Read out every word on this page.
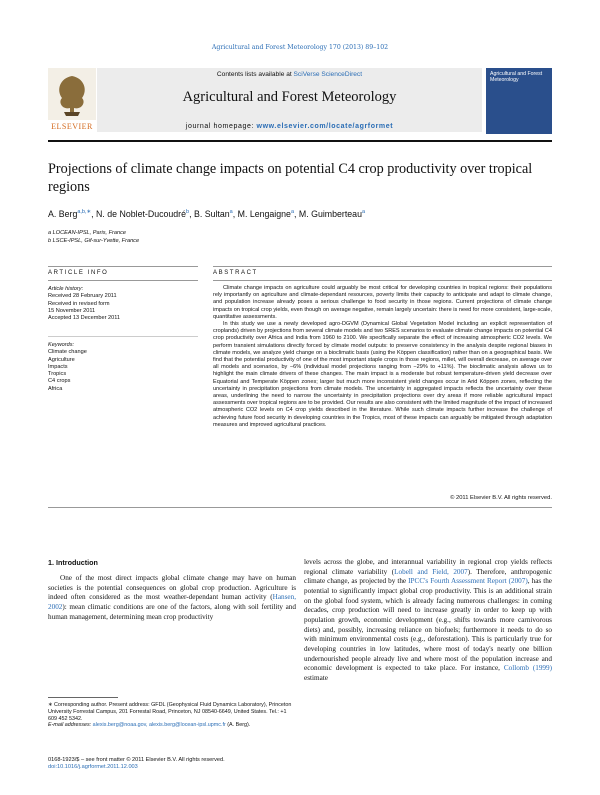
Agricultural and Forest Meteorology 170 (2013) 89–102
ELSEVIER
Contents lists available at SciVerse ScienceDirect
Agricultural and Forest Meteorology
journal homepage: www.elsevier.com/locate/agrformet
Agricultural and Forest Meteorology
Projections of climate change impacts on potential C4 crop productivity over tropical regions
A. Berg$^{a,b,∗}$, N. de Noblet-Ducoudré$^b$, B. Sultan$^a$, M. Lengaigne$^a$, M. Guimberteau$^a$
a LOCEAN-IPSL, Paris, France
b LSCE-IPSL, Gif-sur-Yvette, France
ARTICLE INFO	ABSTRACT
Article history:
Received 28 February 2011
Received in revised form
15 November 2011
Accepted 13 December 2011
Keywords:
Climate change
Agriculture
Impacts
Tropics
C4 crops
Africa

Climate change impacts on agriculture could arguably be most critical for developing countries in tropical regions: their populations rely importantly on agriculture and climate-dependant resources, poverty limits their capacity to anticipate and adapt to climate change, and population increase already poses a serious challenge to food security in those regions. Current projections of climate change impacts on tropical crop yields, even though on average negative, remain largely uncertain: there is need for more consistent, large-scale, quantitative assessments.

In this study we use a newly developed agro-DGVM (Dynamical Global Vegetation Model including an explicit representation of croplands) driven by projections from several climate models and two SRES scenarios to evaluate climate change impacts on potential C4 crop productivity over Africa and India from 1960 to 2100. We specifically separate the effect of increasing atmospheric CO2 levels. We perform transient simulations directly forced by climate model outputs: to preserve consistency in the analysis despite regional biases in climate models, we analyze yield change on a bioclimatic basis (using the Köppen classification) rather than on a geographical basis. We find that the potential productivity of one of the most important staple crops in those regions, millet, will overall decrease, on average over all models and scenarios, by −6% (individual model projections ranging from −29% to +11%). The bioclimatic analysis allows us to highlight the main climate drivers of these changes. The main impact is a moderate but robust temperature-driven yield decrease over Equatorial and Temperate Köppen zones; larger but much more inconsistent yield changes occur in Arid Köppen zones, reflecting the uncertainty in precipitation projections from climate models. The uncertainty in aggregated impacts reflects the uncertainty over these areas, underlining the need to narrow the uncertainty in precipitation projections over dry areas if more reliable agricultural impact assessments over tropical regions are to be provided. Our results are also consistent with the limited magnitude of the impact of increased atmospheric CO2 levels on C4 crop yields described in the literature. While such climate impacts further increase the challenge of achieving future food security in developing countries in the Tropics, most of these impacts can arguably be mitigated through adaptation measures and improved agricultural practices.

© 2011 Elsevier B.V. All rights reserved.
1. Introduction

One of the most direct impacts global climate change may have on human societies is the potential consequences on global crop production. Agriculture is indeed often considered as the most weather-dependant human activity (Hansen, 2002): mean climatic conditions are one of the factors, along with soil fertility and human management, determining mean crop productivity

levels across the globe, and interannual variability in regional crop yields reflects regional climate variability (Lobell and Field, 2007). Therefore, anthropogenic climate change, as projected by the IPCC's Fourth Assessment Report (2007), has the potential to significantly impact global crop productivity. This is an additional strain on the global food system, which is already facing numerous challenges: in coming decades, crop production will need to increase greatly in order to keep up with population growth, economic development (e.g., shifts towards more carnivorous diets) and, possibly, increasing reliance on biofuels; furthermore it needs to do so with minimum environmental costs (e.g., deforestation). This is particularly true for developing countries in low latitudes, where most of today's nearly one billion undernourished people already live and where most of the population increase and economic development is expected to take place. For instance, Collomb (1999) estimate

∗ Corresponding author. Present address: GFDL (Geophysical Fluid Dynamics Laboratory), Princeton University Forrestal Campus, 201 Forrestal Road, Princeton, NJ 08540-6649, United States. Tel.: +1 609 452 5342.
E-mail addresses: alexis.berg@noaa.gov, alexis.berg@locean-ipsl.upmc.fr (A. Berg).
0168-1923/$ – see front matter © 2011 Elsevier B.V. All rights reserved.
doi:10.1016/j.agrformet.2011.12.003
